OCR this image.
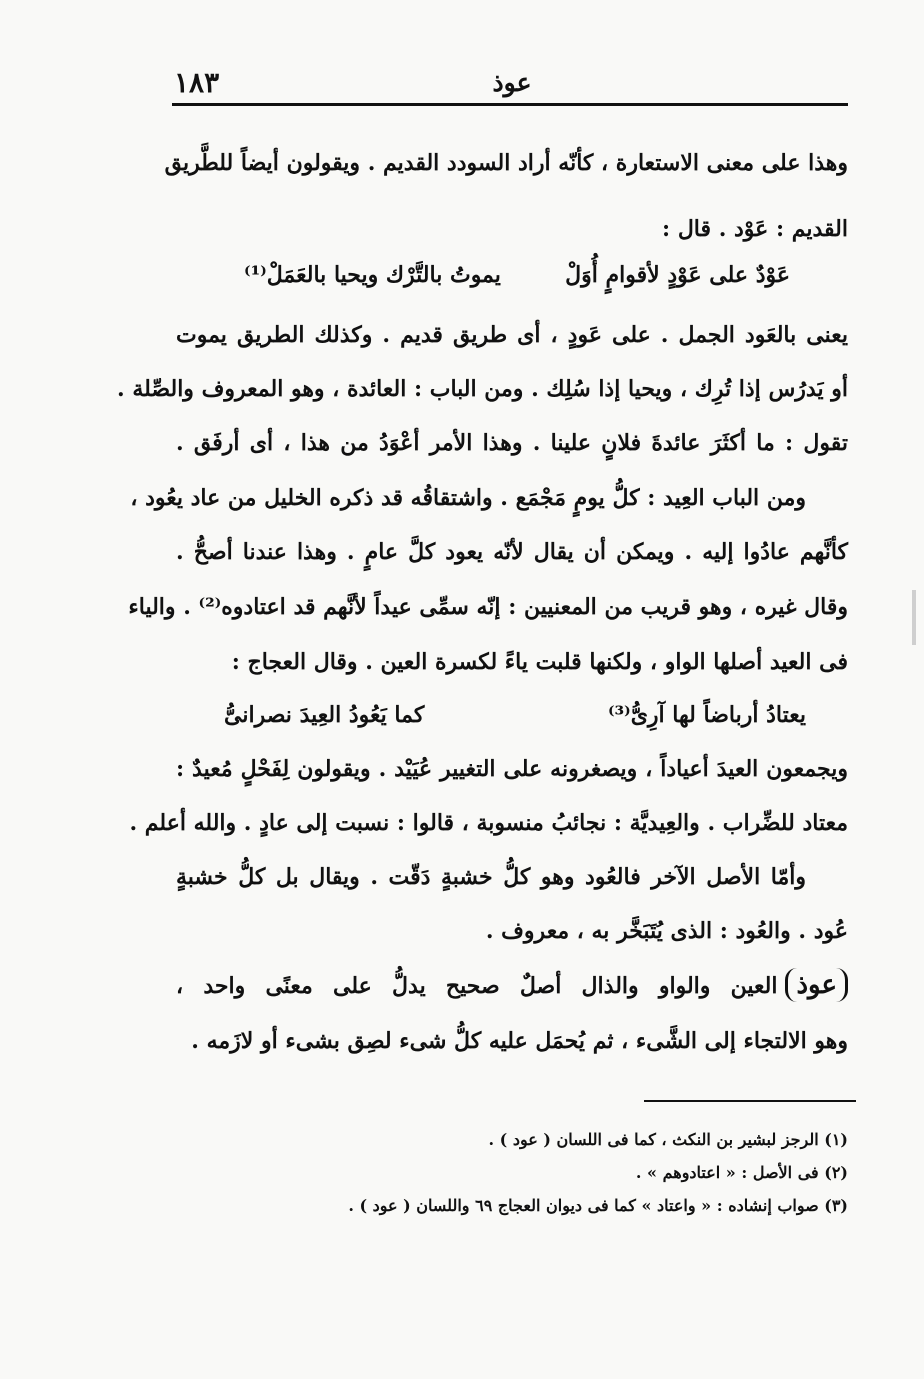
عوذ
١٨٣
وهذا على معنى الاستعارة ، كأنّه أراد السودد القديم . ويقولون أيضاً للطَّريق
القديم : عَوْد . قال :
عَوْدٌ على عَوْدٍ لأقوامٍ أُوَلْ
يموتُ بالتَّرْك ويحيا بالعَمَلْ⁽¹⁾
يعنى بالعَود الجمل . على عَودٍ ، أى طريق قديم . وكذلك الطريق يموت
أو يَدرُس إذا تُرِك ، ويحيا إذا سُلِك . ومن الباب : العائدة ، وهو المعروف والصِّلة .
تقول : ما أكثَرَ عائدةَ فلانٍ علينا . وهذا الأمر أعْوَدُ من هذا ، أى أرفَق .
ومن الباب العِيد : كلُّ يومٍ مَجْمَع . واشتقاقُه قد ذكره الخليل من عاد يعُود ،
كأنَّهم عادُوا إليه . ويمكن أن يقال لأنّه يعود كلَّ عامٍ . وهذا عندنا أصحُّ .
وقال غيره ، وهو قريب من المعنيين : إنّه سمِّى عيداً لأنَّهم قد اعتادوه⁽²⁾ . والياء
فى العيد أصلها الواو ، ولكنها قلبت ياءً لكسرة العين . وقال العجاج :
يعتادُ أرباضاً لها آرِىُّ⁽³⁾
كما يَعُودُ العِيدَ نصرانىُّ
ويجمعون العيدَ أعياداً ، ويصغرونه على التغيير عُيَيْد . ويقولون لِفَحْلٍ مُعيدٌ :
معتاد للضِّراب . والعِيديَّة : نجائبُ منسوبة ، قالوا : نسبت إلى عادٍ . والله أعلم .
وأمّا الأصل الآخر فالعُود وهو كلُّ خشبةٍ دَقّت . ويقال بل كلُّ خشبةٍ
عُود . والعُود : الذى يُتَبَخَّر به ، معروف .
عوذالعين والواو والذال أصلٌ صحيح يدلُّ على معنًى واحد ،
وهو الالتجاء إلى الشَّىء ، ثم يُحمَل عليه كلُّ شىء لصِق بشىء أو لازَمه .
(١) الرجز لبشير بن النكث ، كما فى اللسان ( عود ) .
(٢) فى الأصل : « اعتادوهم » .
(٣) صواب إنشاده : « واعتاد » كما فى ديوان العجاج ٦٩ واللسان ( عود ) .
